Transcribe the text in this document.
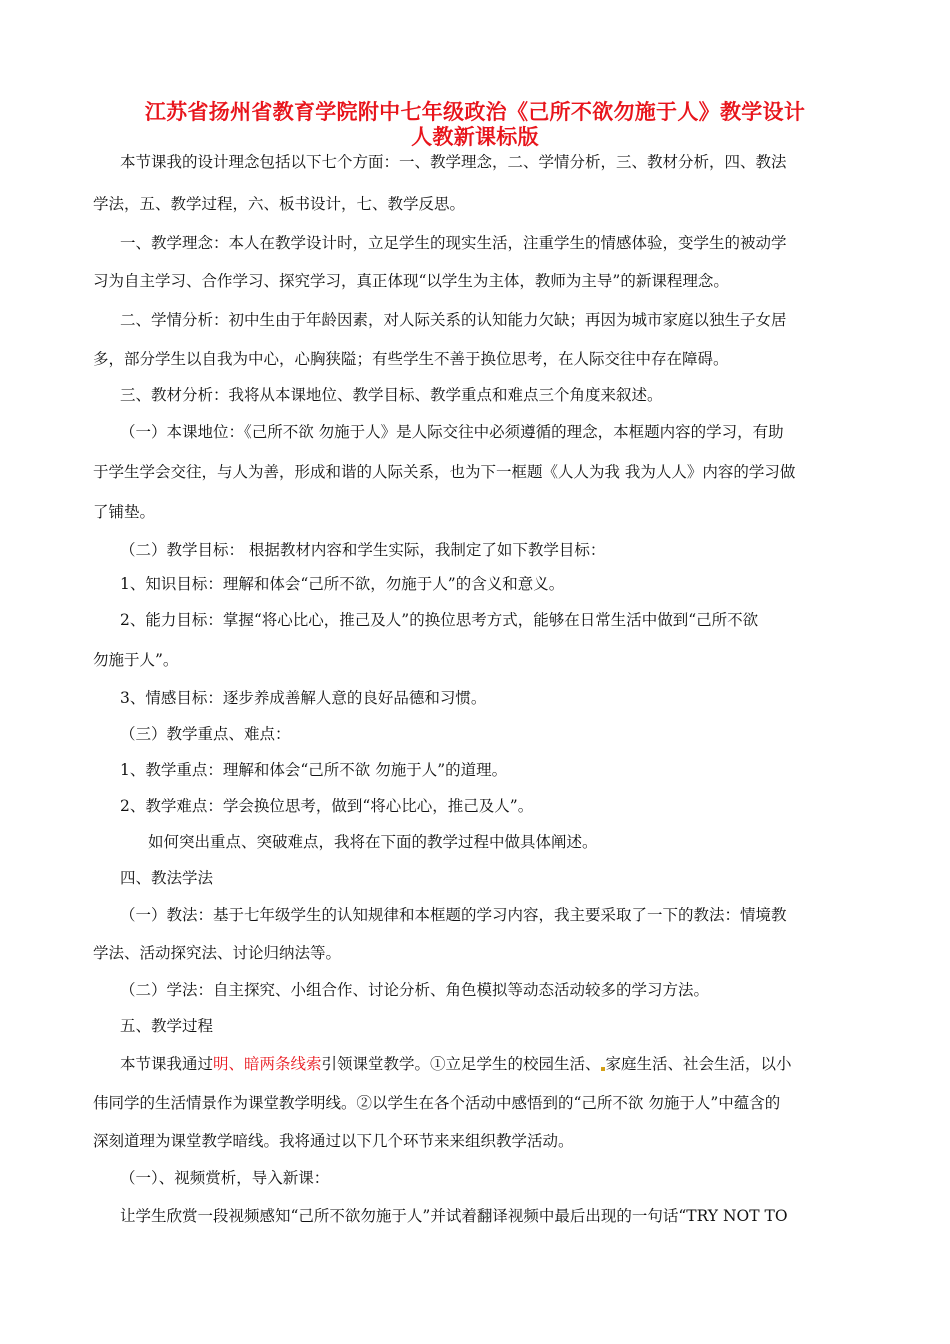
江苏省扬州省教育学院附中七年级政治《己所不欲勿施于人》教学设计
人教新课标版
本节课我的设计理念包括以下七个方面：一、教学理念，二、学情分析，三、教材分析，四、教法
学法，五、教学过程，六、板书设计，七、教学反思。
一、教学理念：本人在教学设计时，立足学生的现实生活，注重学生的情感体验，变学生的被动学
习为自主学习、合作学习、探究学习，真正体现“以学生为主体，教师为主导”的新课程理念。
二、学情分析：初中生由于年龄因素，对人际关系的认知能力欠缺；再因为城市家庭以独生子女居
多，部分学生以自我为中心，心胸狭隘；有些学生不善于换位思考，在人际交往中存在障碍。
三、教材分析：我将从本课地位、教学目标、教学重点和难点三个角度来叙述。
（一）本课地位：《己所不欲 勿施于人》是人际交往中必须遵循的理念，本框题内容的学习，有助
于学生学会交往，与人为善，形成和谐的人际关系，也为下一框题《人人为我 我为人人》内容的学习做
了铺垫。
（二）教学目标： 根据教材内容和学生实际，我制定了如下教学目标：
1、知识目标：理解和体会“己所不欲，勿施于人”的含义和意义。
2、能力目标：掌握“将心比心，推己及人”的换位思考方式，能够在日常生活中做到“己所不欲
勿施于人”。
3、情感目标：逐步养成善解人意的良好品德和习惯。
（三）教学重点、难点：
1、教学重点：理解和体会“己所不欲 勿施于人”的道理。
2、教学难点：学会换位思考，做到“将心比心，推己及人”。
如何突出重点、突破难点，我将在下面的教学过程中做具体阐述。
四、教法学法
（一）教法：基于七年级学生的认知规律和本框题的学习内容，我主要采取了一下的教法：情境教
学法、活动探究法、讨论归纳法等。
（二）学法：自主探究、小组合作、讨论分析、角色模拟等动态活动较多的学习方法。
五、教学过程
本节课我通过明、暗两条线索引领课堂教学。①立足学生的校园生活、 家庭生活、社会生活，以小
伟同学的生活情景作为课堂教学明线。②以学生在各个活动中感悟到的“己所不欲 勿施于人”中蕴含的
深刻道理为课堂教学暗线。我将通过以下几个环节来来组织教学活动。
（一）、视频赏析，导入新课：
让学生欣赏一段视频感知“己所不欲勿施于人”并试着翻译视频中最后出现的一句话“TRY NOT TO
